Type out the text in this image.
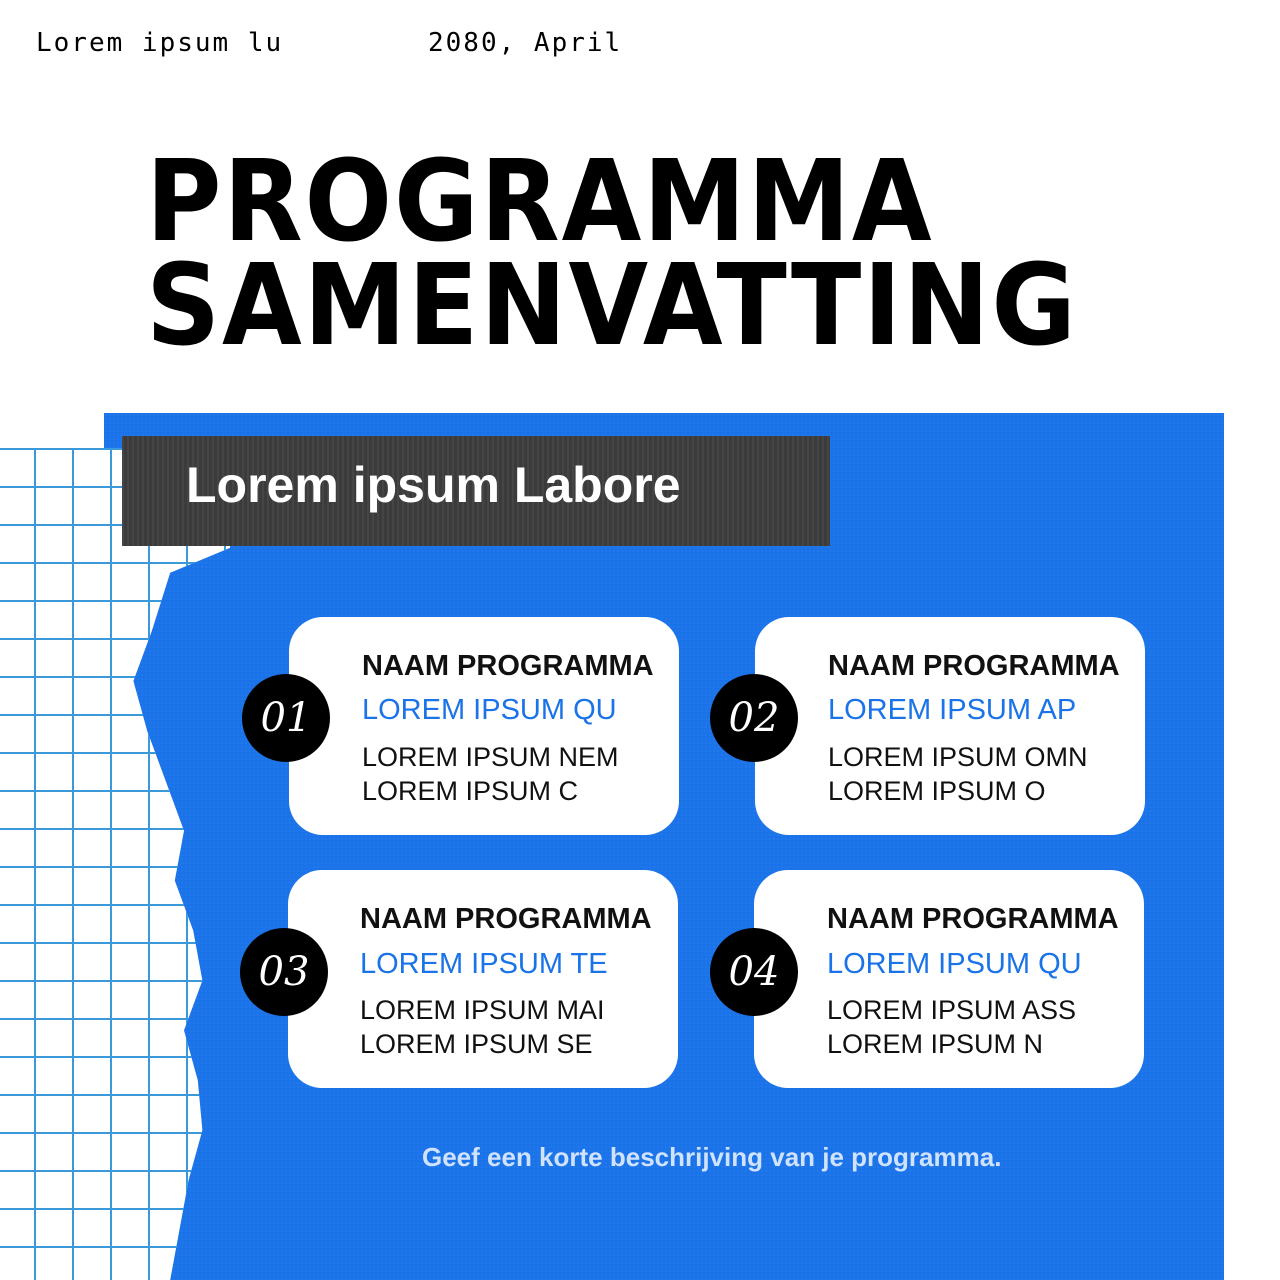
Lorem ipsum lu	2080, April
PROGRAMMA
SAMENVATTING
Lorem ipsum Labore
01
NAAM PROGRAMMA
LOREM IPSUM QU
LOREM IPSUM NEM
LOREM IPSUM C
02
NAAM PROGRAMMA
LOREM IPSUM AP
LOREM IPSUM OMN
LOREM IPSUM O
03
NAAM PROGRAMMA
LOREM IPSUM TE
LOREM IPSUM MAI
LOREM IPSUM SE
04
NAAM PROGRAMMA
LOREM IPSUM QU
LOREM IPSUM ASS
LOREM IPSUM N
Geef een korte beschrijving van je programma.
